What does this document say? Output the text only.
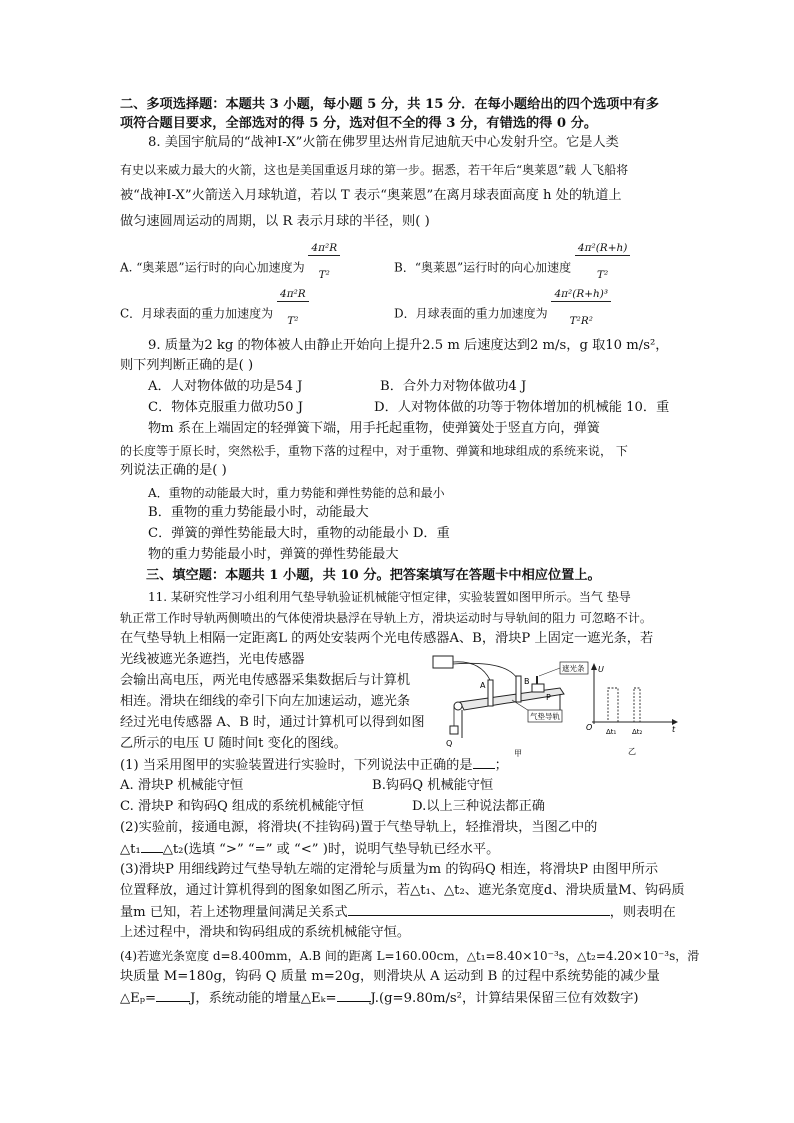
二、多项选择题：本题共 3 小题，每小题 5 分，共 15 分．在每小题给出的四个选项中有多
项符合题目要求，全部选对的得 5 分，选对但不全的得 3 分，有错选的得 0 分。
8. 美国宇航局的“战神Ⅰ-X”火箭在佛罗里达州肯尼迪航天中心发射升空。它是人类
有史以来威力最大的火箭，这也是美国重返月球的第一步。据悉，若干年后“奥莱恩”载 人飞船将
被“战神Ⅰ-X”火箭送入月球轨道，若以 T 表示“奥莱恩”在离月球表面高度 h 处的轨道上
做匀速圆周运动的周期，以 R 表示月球的半径，则( )
A. “奥莱恩”运行时的向心加速度为 $\frac{\text{4π²R}}{\text{T²}}$	B．“奥莱恩”运行时的向心加速度 $\frac{\text{4π²(R+h)}}{\text{T²}}$
C．月球表面的重力加速度为 $\frac{\text{4π²R}}{\text{T²}}$	D．月球表面的重力加速度为 $\frac{\text{4π²(R+h)³}}{\text{T²R²}}$
9. 质量为2 kg 的物体被人由静止开始向上提升2.5 m 后速度达到2 m/s，g 取10 m/s²，
则下列判断正确的是( )
A．人对物体做的功是54 J	B．合外力对物体做功4 J
C．物体克服重力做功50 J	D．人对物体做的功等于物体增加的机械能 10．重
物m 系在上端固定的轻弹簧下端，用手托起重物，使弹簧处于竖直方向，弹簧
的长度等于原长时，突然松手，重物下落的过程中，对于重物、弹簧和地球组成的系统来说， 下
列说法正确的是( )
A．重物的动能最大时，重力势能和弹性势能的总和最小
B．重物的重力势能最小时，动能最大
C．弹簧的弹性势能最大时，重物的动能最小 D．重
物的重力势能最小时，弹簧的弹性势能最大
三、填空题：本题共 1 小题，共 10 分。把答案填写在答题卡中相应位置上。
11. 某研究性学习小组利用气垫导轨验证机械能守恒定律，实验装置如图甲所示。当气 垫导
轨正常工作时导轨两侧喷出的气体使滑块悬浮在导轨上方，滑块运动时与导轨间的阻力 可忽略不计。
在气垫导轨上相隔一定距离L 的两处安装两个光电传感器A、B，滑块P 上固定一遮光条，若
光线被遮光条遮挡，光电传感器
会输出高电压，两光电传感器采集数据后与计算机
相连。滑块在细线的牵引下向左加速运动，遮光条
经过光电传感器 A、B 时，通过计算机可以得到如图
乙所示的电压 U 随时间t 变化的图线。	Q
A	B
P
遮光条
气垫导轨
甲
U
O	t
Δt₁ Δt₂
乙
(1) 当采用图甲的实验装置进行实验时，下列说法中正确的是 ；
A. 滑块P 机械能守恒	B.钩码Q 机械能守恒
C. 滑块P 和钩码Q 组成的系统机械能守恒	D.以上三种说法都正确
(2)实验前，接通电源，将滑块(不挂钩码)置于气垫导轨上，轻推滑块，当图乙中的
△t₁ △t₂(选填 “>” “=” 或 “<” )时，说明气垫导轨已经水平。
(3)滑块P 用细线跨过气垫导轨左端的定滑轮与质量为m 的钩码Q 相连，将滑块P 由图甲所示
位置释放，通过计算机得到的图象如图乙所示，若△t₁、△t₂、遮光条宽度d、滑块质量M、钩码质
量m 已知，若上述物理量间满足关系式	，则表明在
上述过程中，滑块和钩码组成的系统机械能守恒。
(4)若遮光条宽度 d=8.400mm，A.B 间的距离 L=160.00cm，△t₁=8.40×10⁻³s，△t₂=4.20×10⁻³s，滑
块质量 M=180g，钩码 Q 质量 m=20g，则滑块从 A 运动到 B 的过程中系统势能的减少量
△Eₚ=	J，系统动能的增量△Eₖ=	J.(g=9.80m/s²，计算结果保留三位有效数字)
